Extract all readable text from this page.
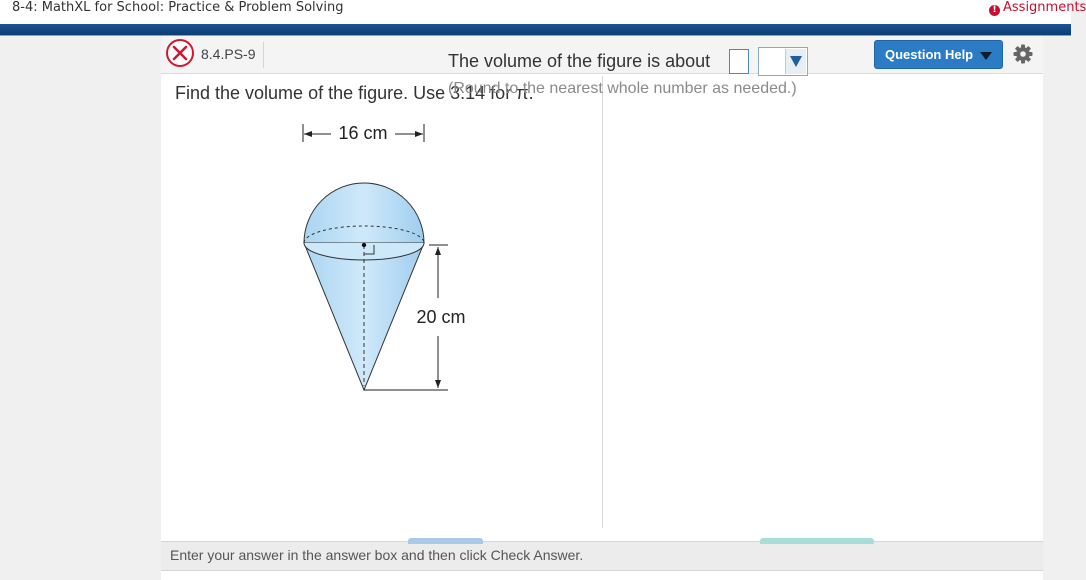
8-4: MathXL for School: Practice & Problem Solving	! Assignments
8.4.PS-9	Question Help
Find the volume of the figure. Use 3.14 for π.
16 cm
20 cm
Enter your answer in the answer box and then click Check Answer.
The volume of the figure is about
(Round to the nearest whole number as needed.)
